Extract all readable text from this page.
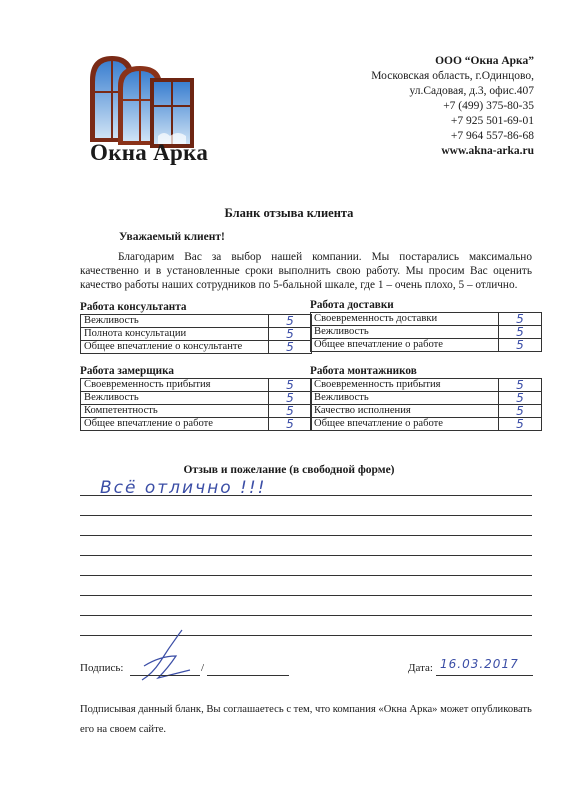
Окна Арка
ООО “Окна Арка”
Московская область, г.Одинцово,
ул.Садовая, д.3, офис.407
+7 (499) 375-80-35
+7 925 501-69-01
+7 964 557-86-68
www.akna-arka.ru
Бланк отзыва клиента
Уважаемый клиент!
Благодарим Вас за выбор нашей компании. Мы постарались максимально качественно и в установленные сроки выполнить свою работу. Мы просим Вас оценить качество работы наших сотрудников по 5-бальной шкале, где 1 – очень плохо, 5 – отлично.
Работа консультанта
Вежливость	5
Полнота консультации	5
Общее впечатление о консультанте	5
Работа доставки
Своевременность доставки	5
Вежливость	5
Общее впечатление о работе	5
Работа замерщика
Своевременность прибытия	5
Вежливость	5
Компетентность	5
Общее впечатление о работе	5
Работа монтажников
Своевременность прибытия	5
Вежливость	5
Качество исполнения	5
Общее впечатление о работе	5
Отзыв и пожелание (в свободной форме)
Всё отлично !!!
Подпись:	/	Дата: 16.03.2017
Подписывая данный бланк, Вы соглашаетесь с тем, что компания «Окна Арка» может опубликовать его на своем сайте.
